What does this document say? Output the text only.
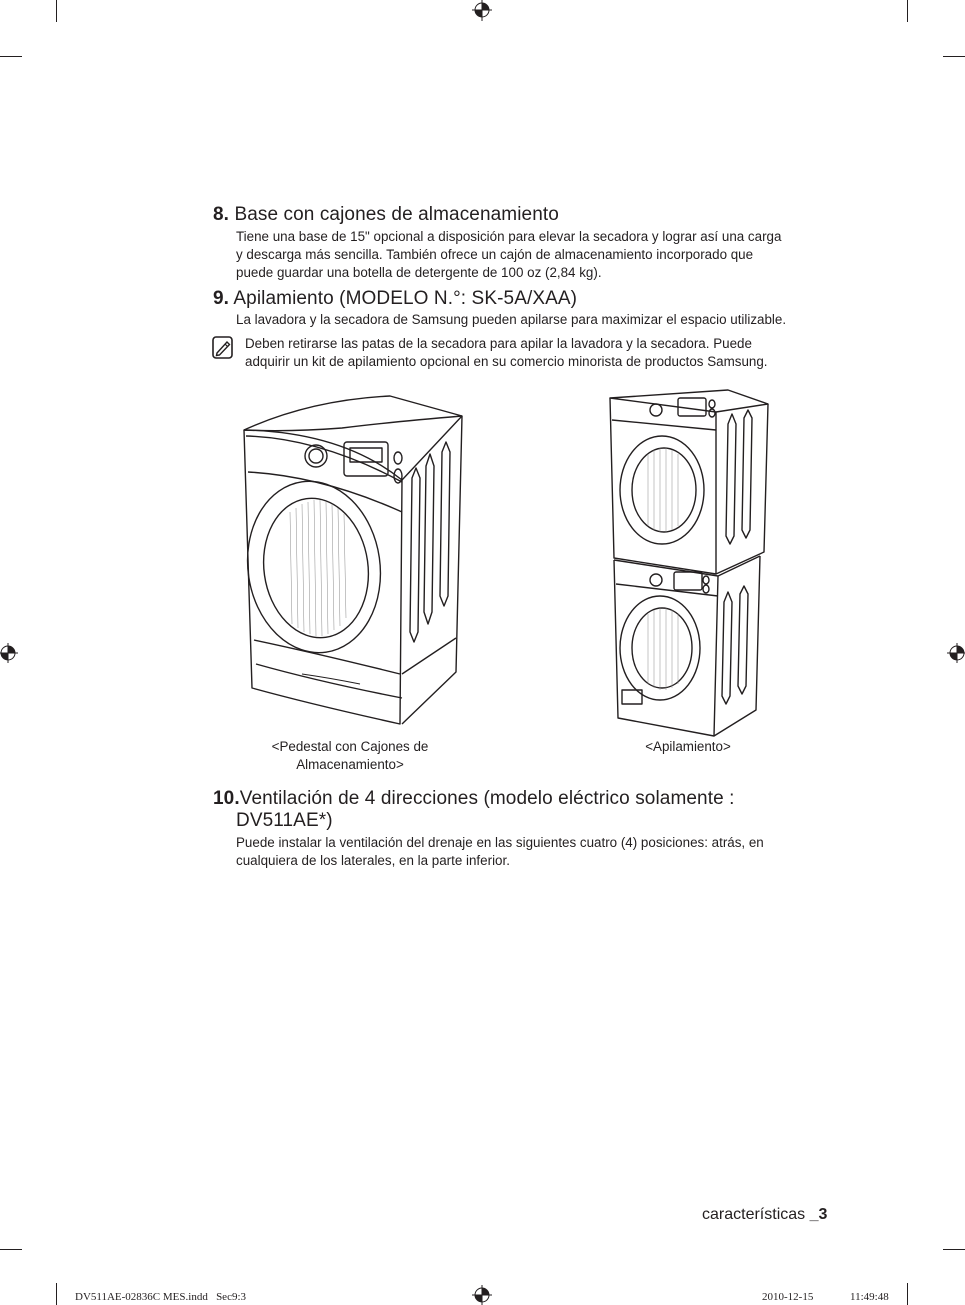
8. Base con cajones de almacenamiento
Tiene una base de 15" opcional a disposición para elevar la secadora y lograr así una carga
y descarga más sencilla. También ofrece un cajón de almacenamiento incorporado que
puede guardar una botella de detergente de 100 oz (2,84 kg).
9. Apilamiento (MODELO N.°: SK-5A/XAA)
La lavadora y la secadora de Samsung pueden apilarse para maximizar el espacio utilizable.
Deben retirarse las patas de la secadora para apilar la lavadora y la secadora. Puede
adquirir un kit de apilamiento opcional en su comercio minorista de productos Samsung.
<Pedestal con Cajones de
Almacenamiento>
<Apilamiento>
10.Ventilación de 4 direcciones (modelo eléctrico solamente :
DV511AE*)
Puede instalar la ventilación del drenaje en las siguientes cuatro (4) posiciones: atrás, en
cualquiera de los laterales, en la parte inferior.
características _3
DV511AE-02836C MES.indd   Sec9:3	2010-12-15	11:49:48
